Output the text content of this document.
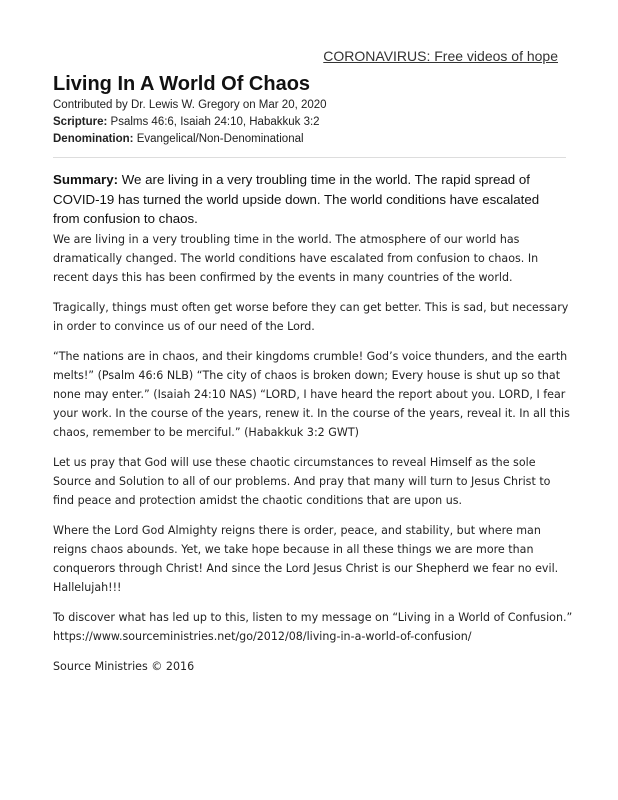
CORONAVIRUS: Free videos of hope
Living In A World Of Chaos
Contributed by Dr. Lewis W. Gregory on Mar 20, 2020
Scripture: Psalms 46:6, Isaiah 24:10, Habakkuk 3:2
Denomination: Evangelical/Non-Denominational

Summary: We are living in a very troubling time in the world. The rapid spread of COVID-19 has turned the world upside down. The world conditions have escalated from confusion to chaos.

We are living in a very troubling time in the world. The atmosphere of our world has dramatically changed. The world conditions have escalated from confusion to chaos. In recent days this has been confirmed by the events in many countries of the world.

Tragically, things must often get worse before they can get better. This is sad, but necessary in order to convince us of our need of the Lord.

“The nations are in chaos, and their kingdoms crumble! God’s voice thunders, and the earth melts!” (Psalm 46:6 NLB) “The city of chaos is broken down; Every house is shut up so that none may enter.” (Isaiah 24:10 NAS) “LORD, I have heard the report about you. LORD, I fear your work. In the course of the years, renew it. In the course of the years, reveal it. In all this chaos, remember to be merciful.” (Habakkuk 3:2 GWT)

Let us pray that God will use these chaotic circumstances to reveal Himself as the sole Source and Solution to all of our problems. And pray that many will turn to Jesus Christ to find peace and protection amidst the chaotic conditions that are upon us.

Where the Lord God Almighty reigns there is order, peace, and stability, but where man reigns chaos abounds. Yet, we take hope because in all these things we are more than conquerors through Christ! And since the Lord Jesus Christ is our Shepherd we fear no evil. Hallelujah!!!

To discover what has led up to this, listen to my message on “Living in a World of Confusion.” https://www.sourceministries.net/go/2012/08/living-in-a-world-of-confusion/

Source Ministries © 2016
